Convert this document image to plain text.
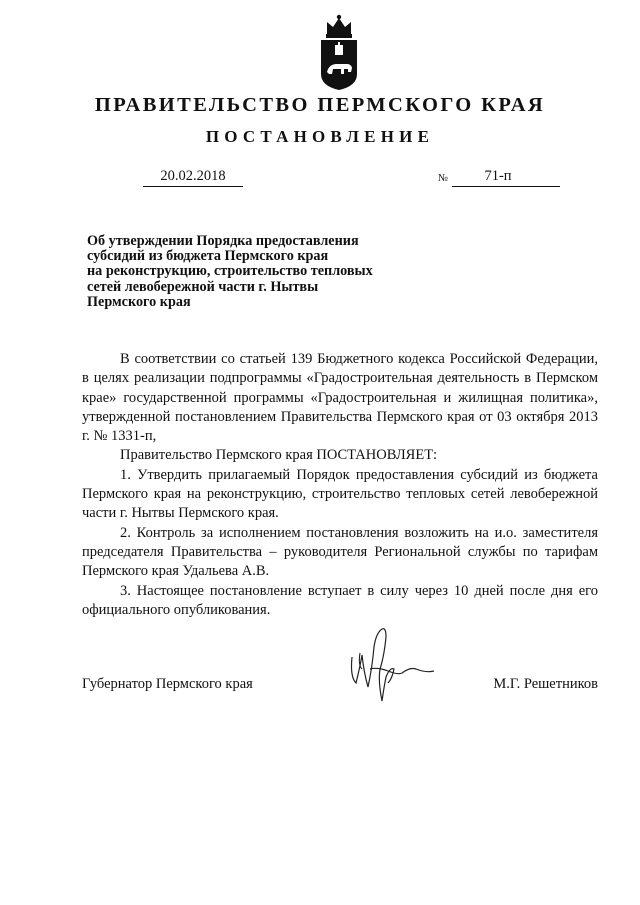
ПРАВИТЕЛЬСТВО ПЕРМСКОГО КРАЯ
ПОСТАНОВЛЕНИЕ
20.02.2018	№	71-п
Об утверждении Порядка предоставления
субсидий из бюджета Пермского края
на реконструкцию, строительство тепловых
сетей левобережной части г. Нытвы
Пермского края

В соответствии со статьей 139 Бюджетного кодекса Российской Федерации, в целях реализации подпрограммы «Градостроительная деятельность в Пермском крае» государственной программы «Градостроительная и жилищная политика», утвержденной постановлением Правительства Пермского края от 03 октября 2013 г. № 1331-п,

Правительство Пермского края ПОСТАНОВЛЯЕТ:

1. Утвердить прилагаемый Порядок предоставления субсидий из бюджета Пермского края на реконструкцию, строительство тепловых сетей левобережной части г. Нытвы Пермского края.

2. Контроль за исполнением постановления возложить на и.о. заместителя председателя Правительства – руководителя Региональной службы по тарифам Пермского края Удальева А.В.

3. Настоящее постановление вступает в силу через 10 дней после дня его официального опубликования.

Губернатор Пермского края	М.Г. Решетников
